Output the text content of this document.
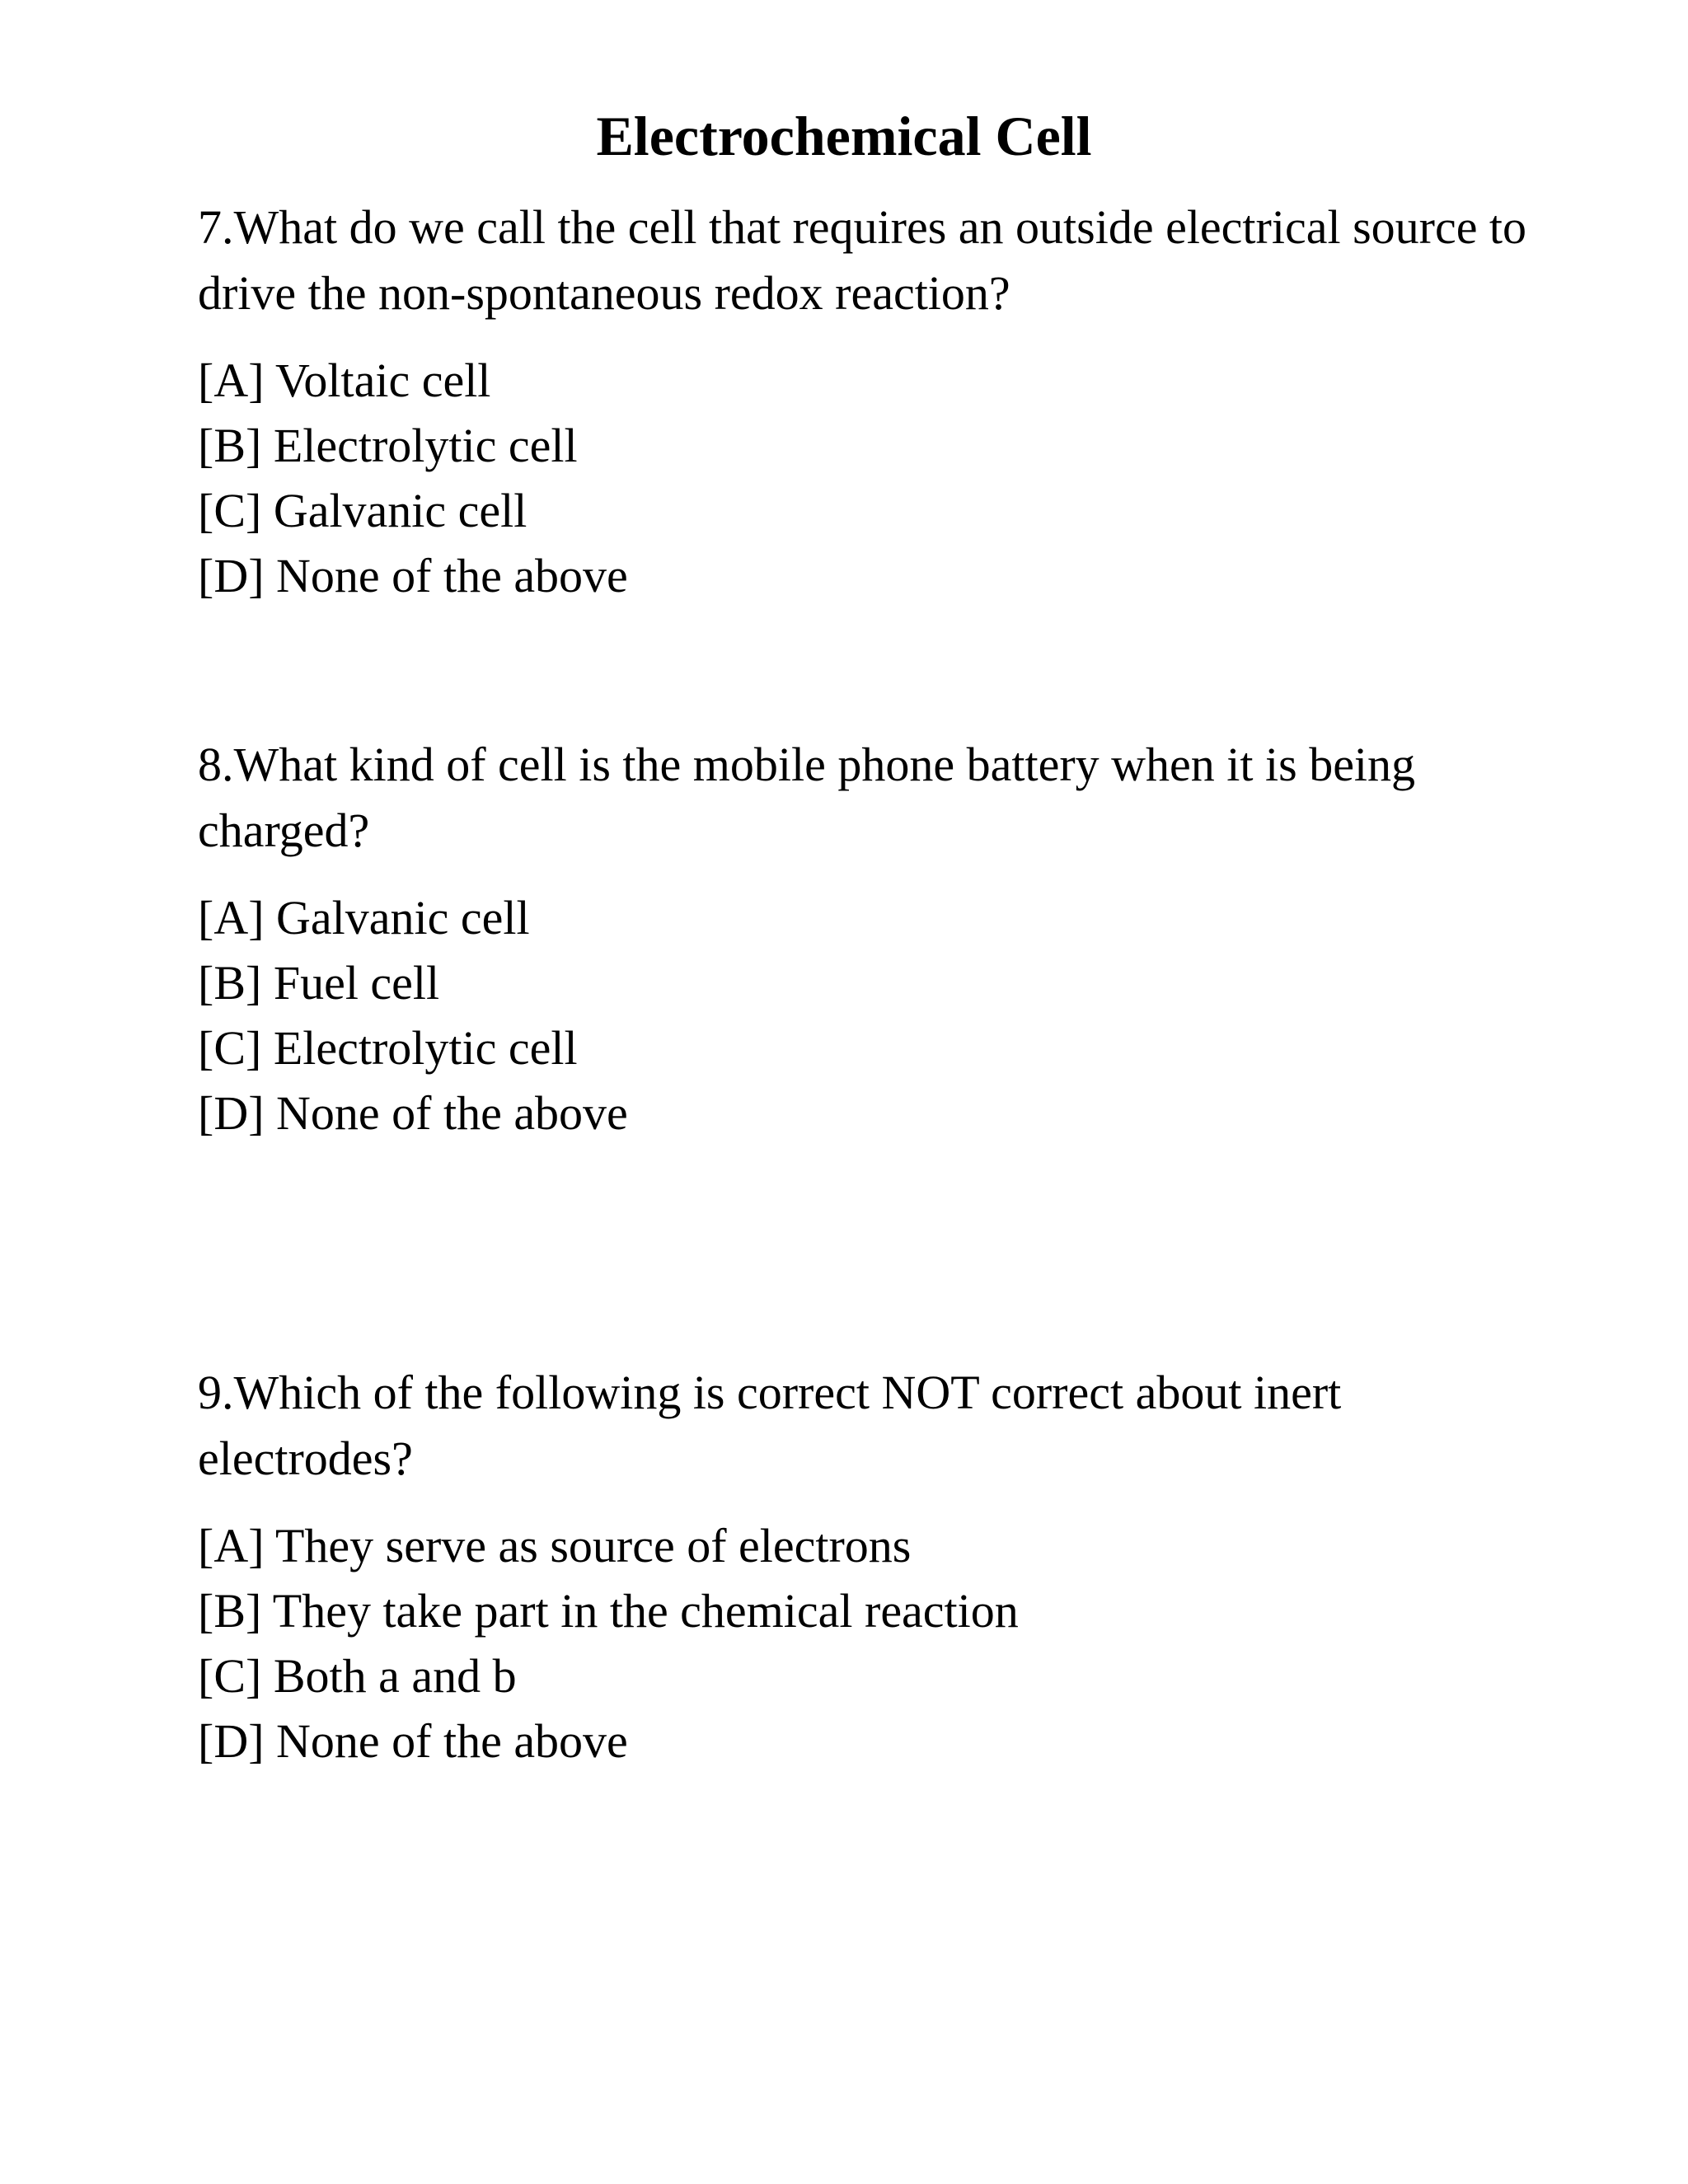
Electrochemical Cell

7.What do we call the cell that requires an outside electrical source to drive the non-spontaneous redox reaction?

[A] Voltaic cell
[B] Electrolytic cell
[C] Galvanic cell
[D] None of the above

8.What kind of cell is the mobile phone battery when it is being charged?

[A] Galvanic cell
[B] Fuel cell
[C] Electrolytic cell
[D] None of the above

9.Which of the following is correct NOT correct about inert electrodes?

[A] They serve as source of electrons
[B] They take part in the chemical reaction
[C] Both a and b
[D] None of the above
